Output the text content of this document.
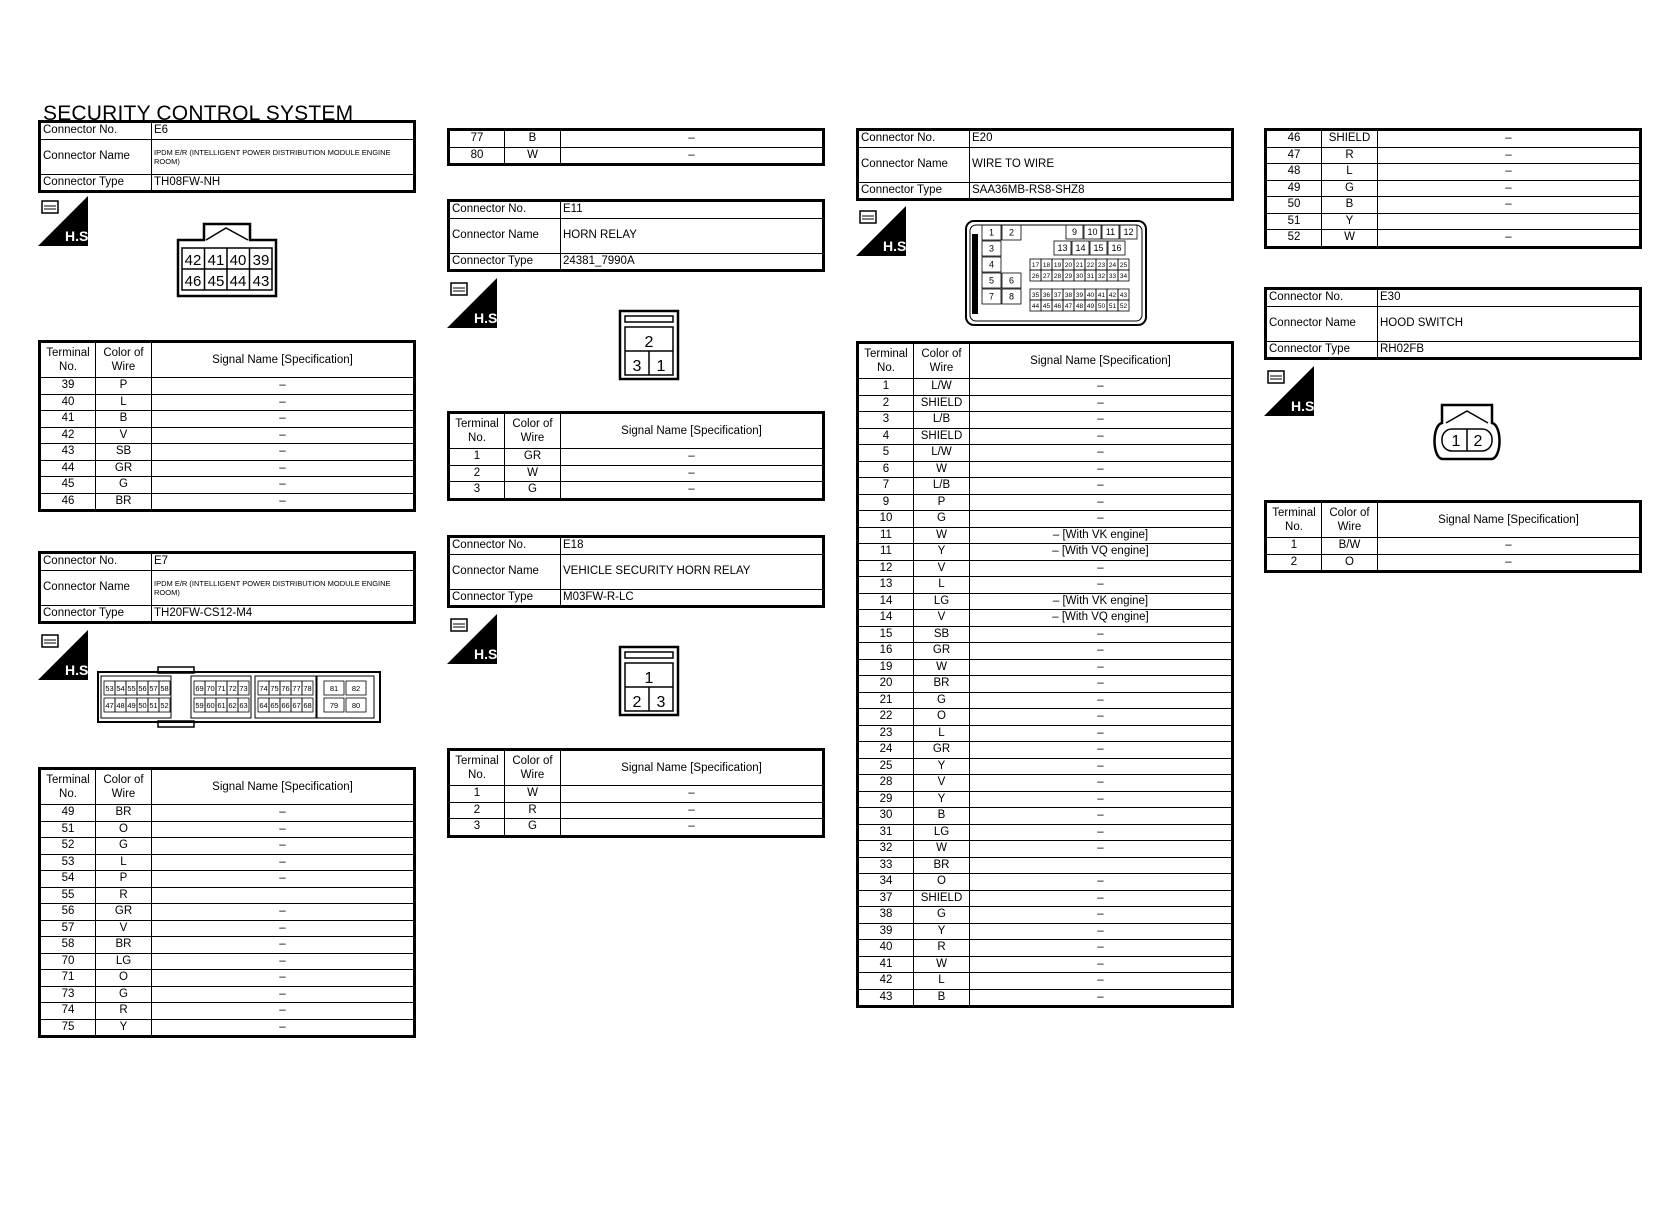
SECURITY CONTROL SYSTEM
Connector No.	E6
Connector Name	IPDM E/R (INTELLIGENT POWER DISTRIBUTION MODULE ENGINE ROOM)
Connector Type	TH08FW-NH
H.S.
42 41 40 39
46 45 44 43
Terminal No.	Color of Wire	Signal Name [Specification]
39	P	–
40	L	–
41	B	–
42	V	–
43	SB	–
44	GR	–
45	G	–
46	BR	–
Connector No.	E7
Connector Name	IPDM E/R (INTELLIGENT POWER DISTRIBUTION MODULE ENGINE ROOM)
Connector Type	TH20FW-CS12-M4
H.S.
53
47
54
48
55
49
56
50
57
51
58
52
69
59
70
60
71
61
72
62
73
63
74
64
75
65
76
66
77
67
78
68
81
79
82
80
Terminal No.	Color of Wire	Signal Name [Specification]
49	BR	–
51	O	–
52	G	–
53	L	–
54	P	–
55	R	
56	GR	–
57	V	–
58	BR	–
70	LG	–
71	O	–
73	G	–
74	R	–
75	Y	–
77	B	–
80	W	–
Connector No.	E11
Connector Name	HORN RELAY
Connector Type	24381_7990A
H.S.
2
3 1
Terminal No.	Color of Wire	Signal Name [Specification]
1	GR	–
2	W	–
3	G	–
Connector No.	E18
Connector Name	VEHICLE SECURITY HORN RELAY
Connector Type	M03FW-R-LC
H.S.
1
2 3
Terminal No.	Color of Wire	Signal Name [Specification]
1	W	–
2	R	–
3	G	–
Connector No.	E20
Connector Name	WIRE TO WIRE
Connector Type	SAA36MB-RS8-SHZ8
H.S.
1 2
3
4
5 6
7 8
9 10 11 12
13 14 15 16
17 18 19 20 21 22 23 24 25
26 27 28 29 30 31 32 33 34
35 36 37 38 39 40 41 42 43
44 45 46 47 48 49 50 51 52
Terminal No.	Color of Wire	Signal Name [Specification]
1	L/W	–
2	SHIELD	–
3	L/B	–
4	SHIELD	–
5	L/W	–
6	W	–
7	L/B	–
9	P	–
10	G	–
11	W	– [With VK engine]
11	Y	– [With VQ engine]
12	V	–
13	L	–
14	LG	– [With VK engine]
14	V	– [With VQ engine]
15	SB	–
16	GR	–
19	W	–
20	BR	–
21	G	–
22	O	–
23	L	–
24	GR	–
25	Y	–
28	V	–
29	Y	–
30	B	–
31	LG	–
32	W	–
33	BR	
34	O	–
37	SHIELD	–
38	G	–
39	Y	–
40	R	–
41	W	–
42	L	–
43	B	–
46	SHIELD	–
47	R	–
48	L	–
49	G	–
50	B	–
51	Y	
52	W	–
Connector No.	E30
Connector Name	HOOD SWITCH
Connector Type	RH02FB
H.S.
1 2
Terminal No.	Color of Wire	Signal Name [Specification]
1	B/W	–
2	O	–
